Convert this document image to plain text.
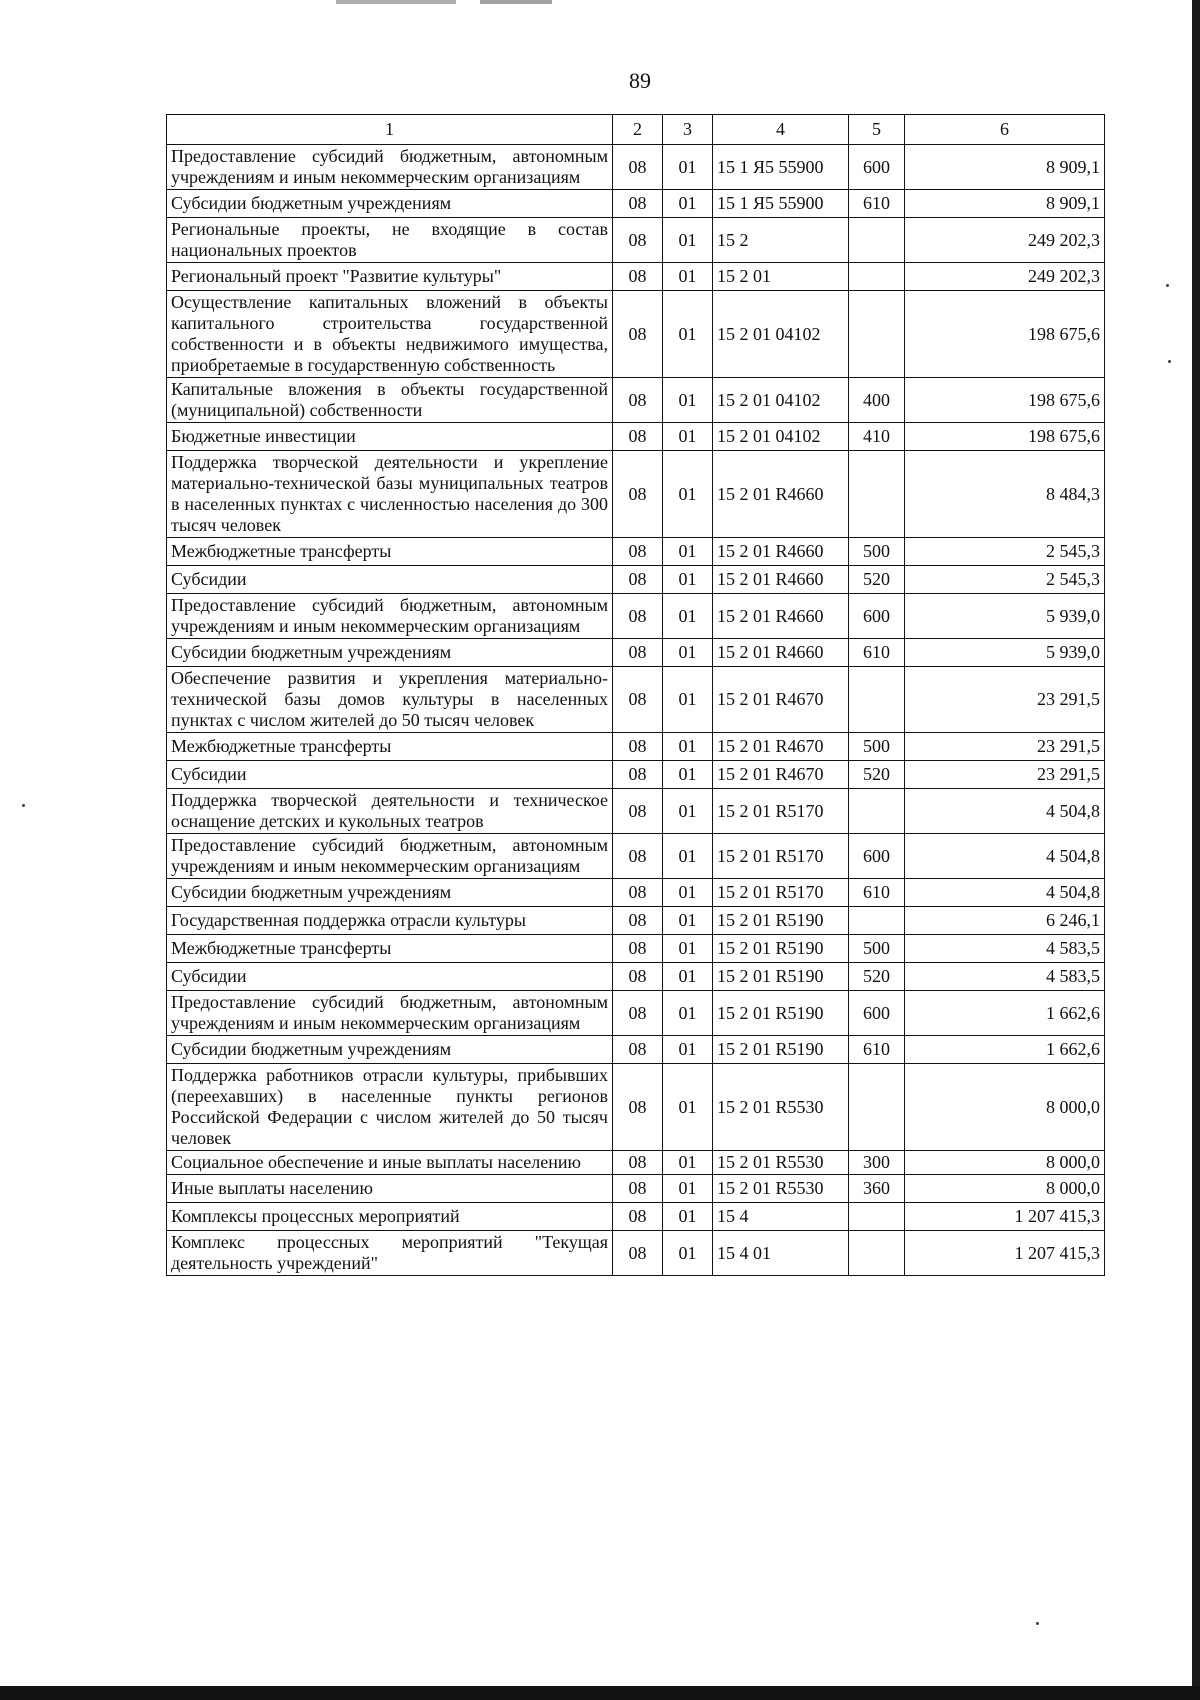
89
1	2	3	4	5	6
Предоставление субсидий бюджетным, автономным учреждениям и иным некоммерческим организациям	08	01	15 1 Я5 55900	600	8 909,1
Субсидии бюджетным учреждениям	08	01	15 1 Я5 55900	610	8 909,1
Региональные проекты, не входящие в состав национальных проектов	08	01	15 2		249 202,3
Региональный проект "Развитие культуры"	08	01	15 2 01		249 202,3
Осуществление капитальных вложений в объекты капитального строительства государственной собственности и в объекты недвижимого имущества, приобретаемые в государственную собственность	08	01	15 2 01 04102		198 675,6
Капитальные вложения в объекты государственной (муниципальной) собственности	08	01	15 2 01 04102	400	198 675,6
Бюджетные инвестиции	08	01	15 2 01 04102	410	198 675,6
Поддержка творческой деятельности и укрепление материально-технической базы муниципальных театров в населенных пунктах с численностью населения до 300 тысяч человек	08	01	15 2 01 R4660		8 484,3
Межбюджетные трансферты	08	01	15 2 01 R4660	500	2 545,3
Субсидии	08	01	15 2 01 R4660	520	2 545,3
Предоставление субсидий бюджетным, автономным учреждениям и иным некоммерческим организациям	08	01	15 2 01 R4660	600	5 939,0
Субсидии бюджетным учреждениям	08	01	15 2 01 R4660	610	5 939,0
Обеспечение развития и укрепления материально-технической базы домов культуры в населенных пунктах с числом жителей до 50 тысяч человек	08	01	15 2 01 R4670		23 291,5
Межбюджетные трансферты	08	01	15 2 01 R4670	500	23 291,5
Субсидии	08	01	15 2 01 R4670	520	23 291,5
Поддержка творческой деятельности и техническое оснащение детских и кукольных театров	08	01	15 2 01 R5170		4 504,8
Предоставление субсидий бюджетным, автономным учреждениям и иным некоммерческим организациям	08	01	15 2 01 R5170	600	4 504,8
Субсидии бюджетным учреждениям	08	01	15 2 01 R5170	610	4 504,8
Государственная поддержка отрасли культуры	08	01	15 2 01 R5190		6 246,1
Межбюджетные трансферты	08	01	15 2 01 R5190	500	4 583,5
Субсидии	08	01	15 2 01 R5190	520	4 583,5
Предоставление субсидий бюджетным, автономным учреждениям и иным некоммерческим организациям	08	01	15 2 01 R5190	600	1 662,6
Субсидии бюджетным учреждениям	08	01	15 2 01 R5190	610	1 662,6
Поддержка работников отрасли культуры, прибывших (переехавших) в населенные пункты регионов Российской Федерации с числом жителей до 50 тысяч человек	08	01	15 2 01 R5530		8 000,0
Социальное обеспечение и иные выплаты населению	08	01	15 2 01 R5530	300	8 000,0
Иные выплаты населению	08	01	15 2 01 R5530	360	8 000,0
Комплексы процессных мероприятий	08	01	15 4		1 207 415,3
Комплекс процессных мероприятий "Текущая деятельность учреждений"	08	01	15 4 01		1 207 415,3
